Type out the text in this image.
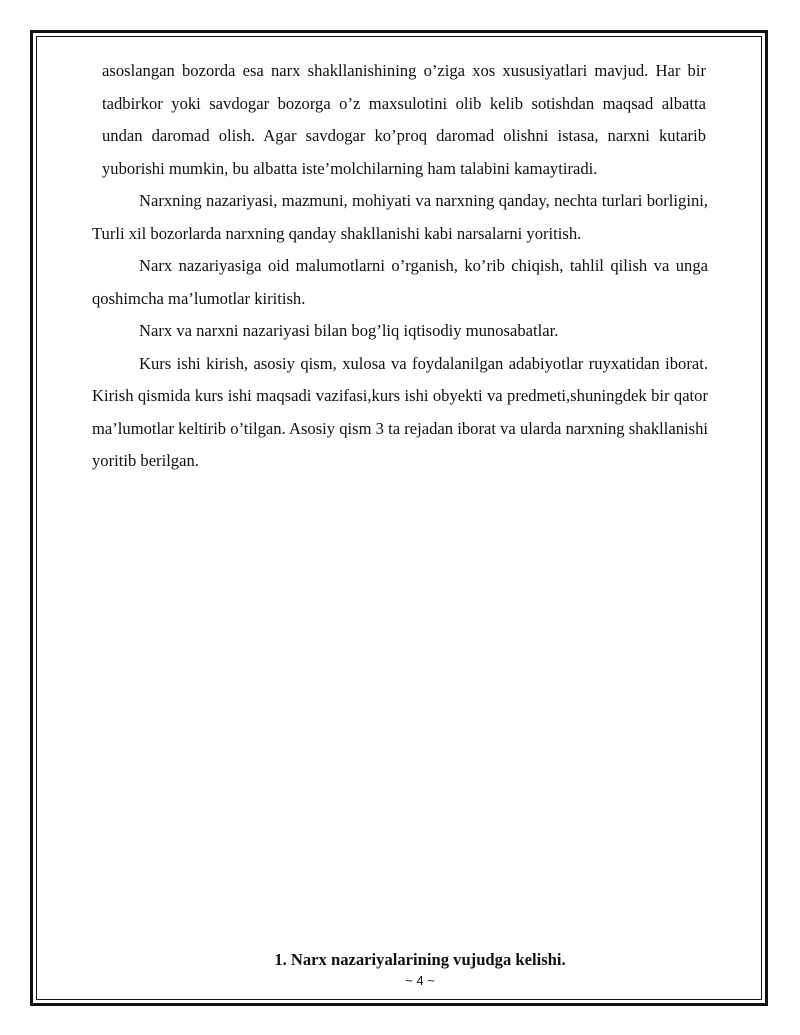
asoslangan bozorda esa narx shakllanishining o’ziga xos xususiyatlari mavjud. Har bir tadbirkor yoki savdogar bozorga o’z maxsulotini olib kelib sotishdan maqsad albatta undan daromad olish. Agar savdogar ko’proq daromad olishni istasa, narxni kutarib yuborishi mumkin, bu albatta iste’molchilarning ham talabini kamaytiradi.

Narxning nazariyasi, mazmuni, mohiyati va narxning qanday, nechta turlari borligini, Turli xil bozorlarda narxning qanday shakllanishi kabi narsalarni yoritish.

Narx nazariyasiga oid malumotlarni o’rganish, ko’rib chiqish, tahlil qilish va unga qoshimcha ma’lumotlar kiritish.

Narx va narxni nazariyasi bilan bog’liq iqtisodiy munosabatlar.

Kurs ishi kirish, asosiy qism, xulosa va foydalanilgan adabiyotlar ruyxatidan iborat. Kirish qismida kurs ishi maqsadi vazifasi,kurs ishi obyekti va predmeti,shuningdek bir qator ma’lumotlar keltirib o’tilgan. Asosiy qism 3 ta rejadan iborat va ularda narxning shakllanishi yoritib berilgan.

1. Narx nazariyalarining vujudga kelishi.
~ 4 ~
